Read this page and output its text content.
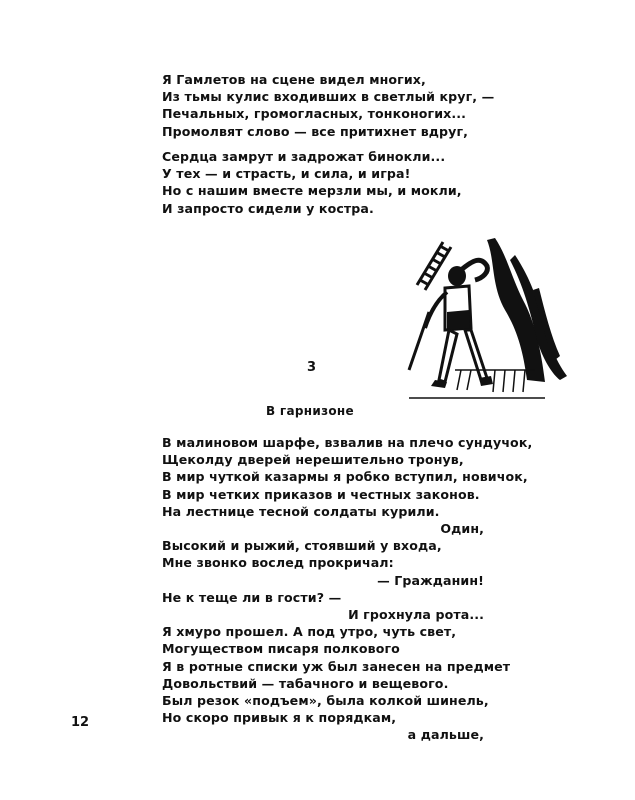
Я Гамлетов на сцене видел многих,
Из тьмы кулис входивших в светлый круг, —
Печальных, громогласных, тонконогих...
Промолвят слово — все притихнет вдруг,
Сердца замрут и задрожат бинокли...
У тех — и страсть, и сила, и игра!
Но с нашим вместе мерзли мы, и мокли,
И запросто сидели у костра.
3
В гарнизоне
В малиновом шарфе, взвалив на плечо сундучок,
Щеколду дверей нерешительно тронув,
В мир чуткой казармы я робко вступил, новичок,
В мир четких приказов и честных законов.
На лестнице тесной солдаты курили.
Один,
Высокий и рыжий, стоявший у входа,
Мне звонко вослед прокричал:
— Гражданин!
Не к теще ли в гости? —
И грохнула рота...
Я хмуро прошел. А под утро, чуть свет,
Могуществом писаря полкового
Я в ротные списки уж был занесен на предмет
Довольствий — табачного и вещевого.
Был резок «подъем», была колкой шинель,
Но скоро привык я к порядкам,
а дальше,
12
